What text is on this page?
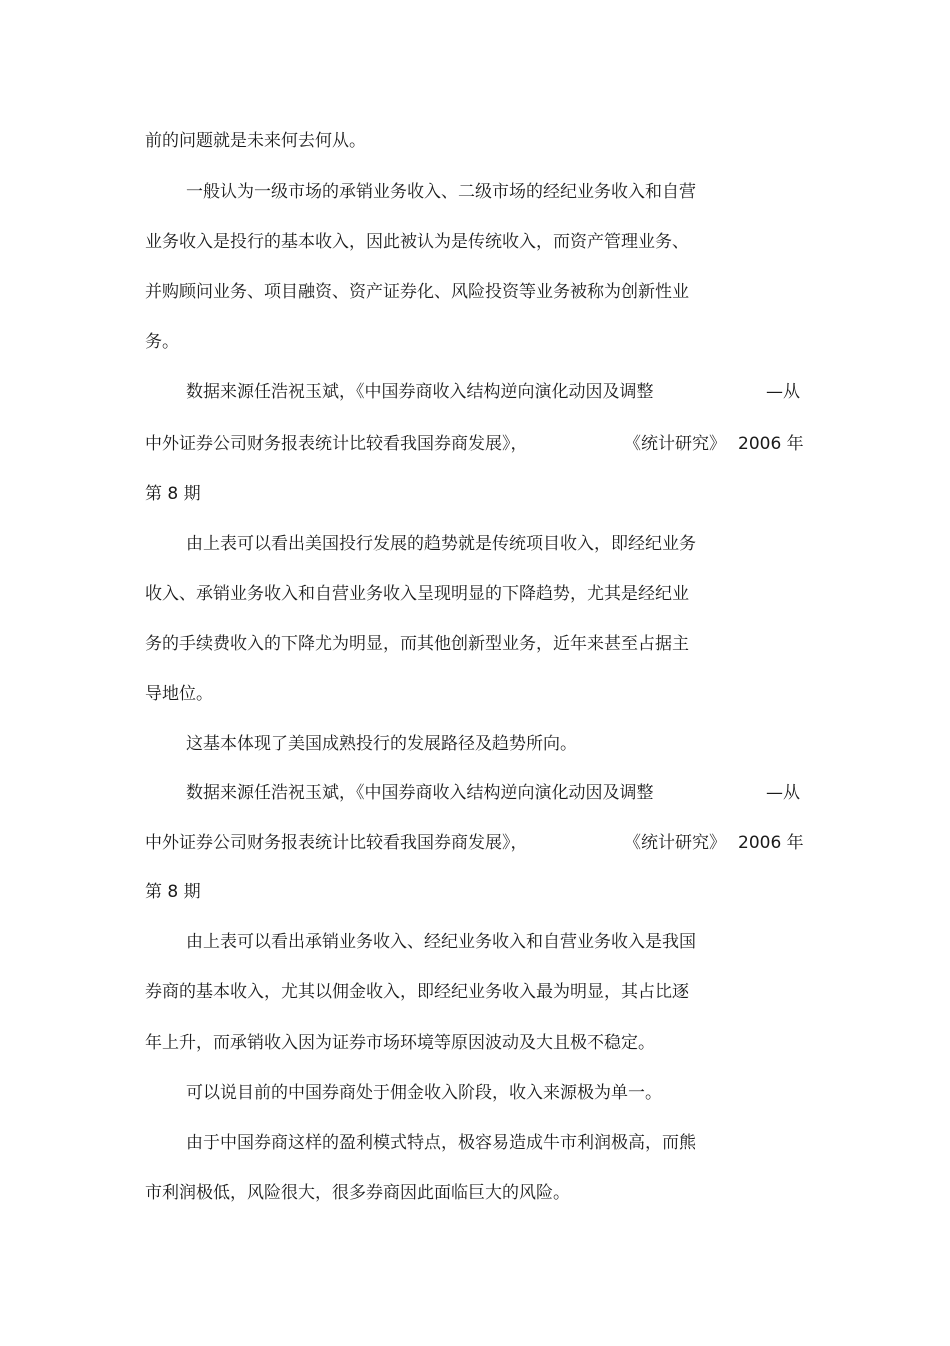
前的问题就是未来何去何从。
一般认为一级市场的承销业务收入、二级市场的经纪业务收入和自营
业务收入是投行的基本收入，因此被认为是传统收入，而资产管理业务、
并购顾问业务、项目融资、资产证券化、风险投资等业务被称为创新性业
务。
数据来源任浩祝玉斌，《中国券商收入结构逆向演化动因及调整	—从
中外证券公司财务报表统计比较看我国券商发展》，	《统计研究》 2006 年
第 8 期
由上表可以看出美国投行发展的趋势就是传统项目收入，即经纪业务
收入、承销业务收入和自营业务收入呈现明显的下降趋势，尤其是经纪业
务的手续费收入的下降尤为明显，而其他创新型业务，近年来甚至占据主
导地位。
这基本体现了美国成熟投行的发展路径及趋势所向。
数据来源任浩祝玉斌，《中国券商收入结构逆向演化动因及调整	—从
中外证券公司财务报表统计比较看我国券商发展》，	《统计研究》 2006 年
第 8 期
由上表可以看出承销业务收入、经纪业务收入和自营业务收入是我国
券商的基本收入，尤其以佣金收入，即经纪业务收入最为明显，其占比逐
年上升，而承销收入因为证券市场环境等原因波动及大且极不稳定。
可以说目前的中国券商处于佣金收入阶段，收入来源极为单一。
由于中国券商这样的盈利模式特点，极容易造成牛市利润极高，而熊
市利润极低，风险很大，很多券商因此面临巨大的风险。
